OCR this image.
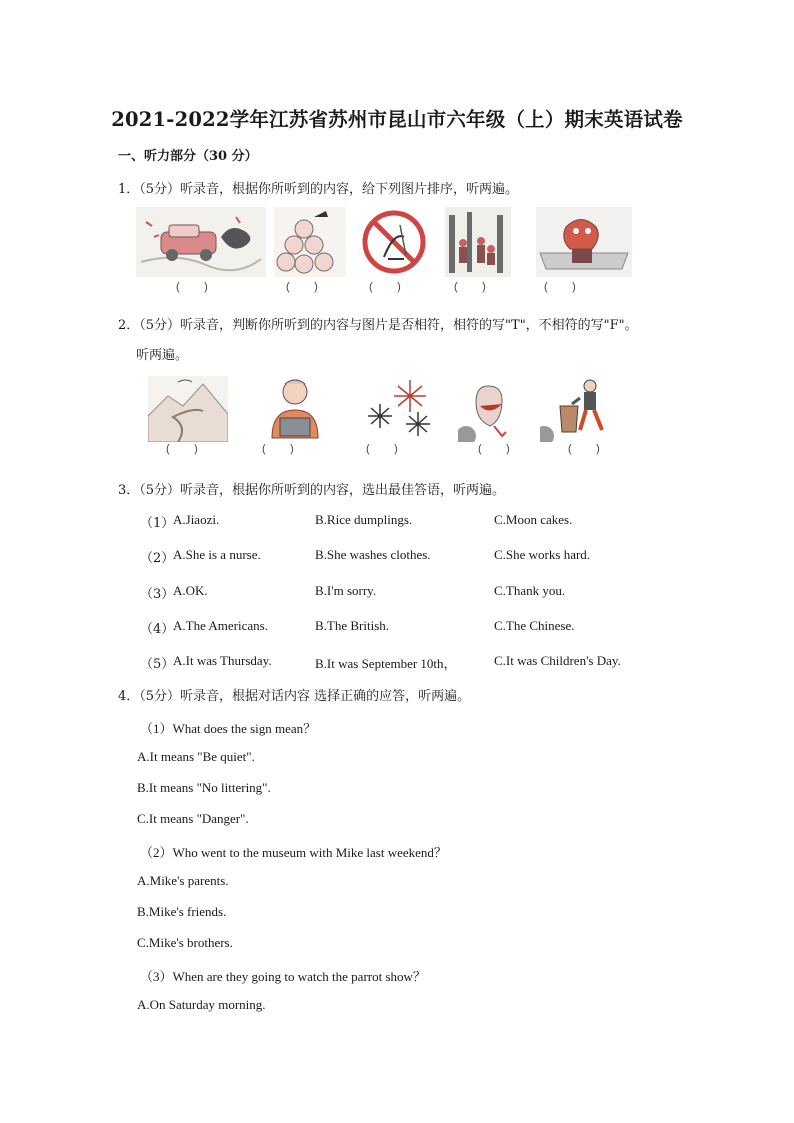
2021-2022学年江苏省苏州市昆山市六年级（上）期末英语试卷
一、听力部分（30 分）
1．（5分）听录音，根据你所听到的内容，给下列图片排序，听两遍。
(        )	(        )	(        )	(        )	(        )
2．（5分）听录音，判断你所听到的内容与图片是否相符，相符的写"T"，不相符的写"F"。
听两遍。
(        )	(        )	(        )	(        )	(        )
3．（5分）听录音，根据你所听到的内容，选出最佳答语，听两遍。
（1）
A.Jiaozi.	B.Rice dumplings.	C.Moon cakes.
（2）
A.She is a nurse.	B.She washes clothes.	C.She works hard.
（3）
A.OK.	B.I'm sorry.	C.Thank you.
（4）
A.The Americans.	B.The British.	C.The Chinese.
（5）
A.It was Thursday.	B.It was September 10th，	C.It was Children's Day.
4．（5分）听录音，根据对话内容 选择正确的应答，听两遍。
（1）What does the sign mean？
A.It means "Be quiet".
B.It means "No littering".
C.It means "Danger".
（2）Who went to the museum with Mike last weekend？
A.Mike's parents.
B.Mike's friends.
C.Mike's brothers.
（3）When are they going to watch the parrot show？
A.On Saturday morning.
